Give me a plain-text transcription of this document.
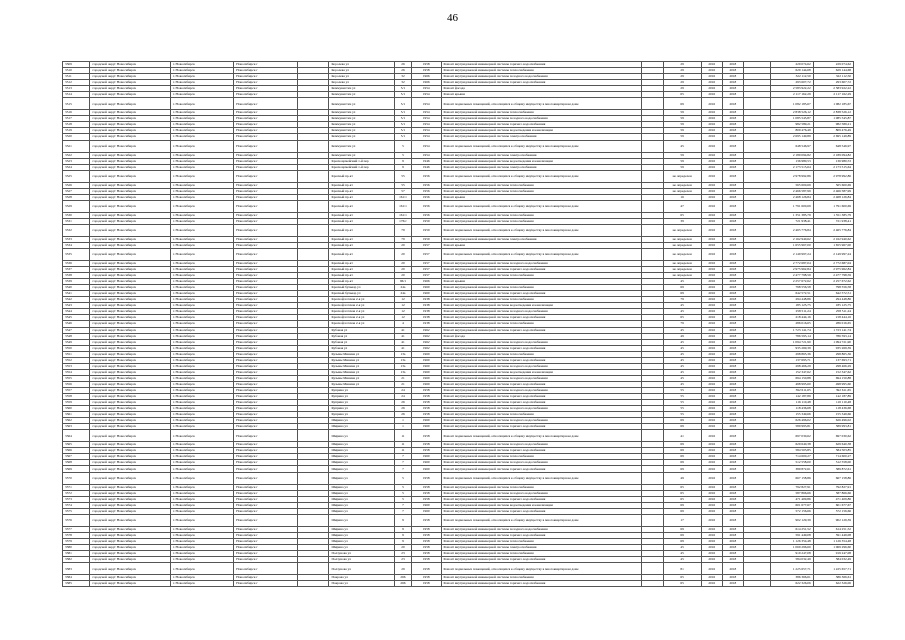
46
3509	городской округ Новосибирск	г. Новосибирск	Новосибирск г		Королева ул	26	1958	Ремонт внутридомовой инженерной системы горячего водоснабжения		29	2016	2018		229 074,62	229 074,62
3510	городской округ Новосибирск	г. Новосибирск	Новосибирск г		Королева ул	26	1958	Ремонт внутридомовой инженерной системы теплоснабжения		29	2016	2018		629 144,68	629 144,68
3511	городской округ Новосибирск	г. Новосибирск	Новосибирск г		Королева ул	32	1966	Ремонт внутридомовой инженерной системы холодного водоснабжения		29	2016	2018		322 112,50	322 112,50
3512	городской округ Новосибирск	г. Новосибирск	Новосибирск г		Королева ул	32	1966	Ремонт внутридомовой инженерной системы горячего водоснабжения		29	2016	2018		293 607,72	293 607,72
3513	городской округ Новосибирск	г. Новосибирск	Новосибирск г		Коммунистич ул	5/1	1954	Ремонт фасада		29	2016	2018		2 583 922,22	2 583 922,22
3514	городской округ Новосибирск	г. Новосибирск	Новосибирск г		Коммунистич ул	5/1	1954	Ремонт крыши		65	2016	2018		2 117 162,29	2 117 162,29
3515	городской округ Новосибирск	г. Новосибирск	Новосибирск г		Коммунистич ул	5/1	1954	Ремонт подвальных помещений, относящихся к общему имуществу в многоквартирном доме		69	2016	2018		1 082 185,67	1 082 185,67
3516	городской округ Новосибирск	г. Новосибирск	Новосибирск г		Коммунистич ул	5/1	1954	Ремонт внутридомовой инженерной системы теплоснабжения		59	2016	2018		2 838 526,12	2 838 526,12
3517	городской округ Новосибирск	г. Новосибирск	Новосибирск г		Коммунистич ул	5/1	1954	Ремонт внутридомовой инженерной системы холодного водоснабжения		59	2016	2018		1 085 545,87	1 085 545,87
3518	городской округ Новосибирск	г. Новосибирск	Новосибирск г		Коммунистич ул	5/1	1954	Ремонт внутридомовой инженерной системы горячего водоснабжения		59	2016	2018		982 589,21	982 589,21
3519	городской округ Новосибирск	г. Новосибирск	Новосибирск г		Коммунистич ул	5/1	1954	Ремонт внутридомовой инженерной системы водоотведения и канализации		59	2016	2018		809 476,49	809 476,49
3520	городской округ Новосибирск	г. Новосибирск	Новосибирск г		Коммунистич ул	5/1	1954	Ремонт внутридомовой инженерной системы электроснабжения		59	2016	2018		2 695 149,89	2 695 149,89
3521	городской округ Новосибирск	г. Новосибирск	Новосибирск г		Коммунистич ул	5	1954	Ремонт подвальных помещений, относящихся к общему имуществу в многоквартирном доме		45	2016	2018		648 546,97	648 546,97
3522	городской округ Новосибирск	г. Новосибирск	Новосибирск г		Коммунистич ул	5	1954	Ремонт внутридомовой инженерной системы электроснабжения		59	2016	2018		2 189 094,82	2 189 094,82
3523	городской округ Новосибирск	г. Новосибирск	Новосибирск г		Красноармейский 1-й пер	9	1946	Ремонт внутридомовой инженерной системы водоотведения и канализации		59	2016	2018		136 980,53	136 980,53
3524	городской округ Новосибирск	г. Новосибирск	Новосибирск г		Красноармейский 1-й пер	9	1946	Ремонт внутридомовой инженерной системы электроснабжения		59	2016	2018		2 173 515,64	2 173 515,64
3525	городской округ Новосибирск	г. Новосибирск	Новосибирск г		Красный пр-кт	55	1956	Ремонт подвальных помещений, относящихся к общему имуществу в многоквартирном доме		не определен	2016	2018		2 978 992,86	2 978 992,86
3526	городской округ Новосибирск	г. Новосибирск	Новосибирск г		Красный пр-кт	55	1956	Ремонт внутридомовой инженерной системы теплоснабжения		не определен	2016	2018		565 600,69	565 600,69
3527	городской округ Новосибирск	г. Новосибирск	Новосибирск г		Красный пр-кт	57	1956	Ремонт внутридомовой инженерной системы теплоснабжения		не определен	2016	2018		2 466 587,99	2 466 587,99
3528	городской округ Новосибирск	г. Новосибирск	Новосибирск г		Красный пр-кт	161/1	1956	Ремонт крыши		16	2016	2018		2 468 126,84	2 468 126,84
3529	городской округ Новосибирск	г. Новосибирск	Новосибирск г		Красный пр-кт	161/1	1956	Ремонт подвальных помещений, относящихся к общему имуществу в многоквартирном доме		47	2016	2018		1 791 600,69	1 791 600,69
3530	городской округ Новосибирск	г. Новосибирск	Новосибирск г		Красный пр-кт	161/1	1956	Ремонт внутридомовой инженерной системы теплоснабжения		65	2016	2018		1 351 385,79	1 351 385,79
3531	городской округ Новосибирск	г. Новосибирск	Новосибирск г		Красный пр-кт	176/с	1959	Ремонт внутридомовой инженерной системы теплоснабжения		39	2016	2018		721 938,41	721 938,41
3532	городской округ Новосибирск	г. Новосибирск	Новосибирск г		Красный пр-кт	79	1959	Ремонт подвальных помещений, относящихся к общему имуществу в многоквартирном доме		не определен	2016	2018		2 465 776,84	2 465 776,84
3533	городской округ Новосибирск	г. Новосибирск	Новосибирск г		Красный пр-кт	79	1959	Ремонт внутридомовой инженерной системы электроснабжения		не определен	2016	2018		2 162 940,62	2 162 940,62
3534	городской округ Новосибирск	г. Новосибирск	Новосибирск г		Красный пр-кт	20	1957	Ремонт крыши		не определен	2016	2018		1 655 967,00	1 655 967,00
3535	городской округ Новосибирск	г. Новосибирск	Новосибирск г		Красный пр-кт	20	1957	Ремонт подвальных помещений, относящихся к общему имуществу в многоквартирном доме		не определен	2016	2018		2 149 997,24	2 149 997,24
3536	городской округ Новосибирск	г. Новосибирск	Новосибирск г		Красный пр-кт	20	1957	Ремонт внутридомовой инженерной системы холодного водоснабжения		не определен	2016	2018		2 772 687,04	2 772 687,04
3537	городской округ Новосибирск	г. Новосибирск	Новосибирск г		Красный пр-кт	20	1957	Ремонт внутридомовой инженерной системы горячего водоснабжения		не определен	2016	2018		2 975 962,84	2 975 962,84
3538	городской округ Новосибирск	г. Новосибирск	Новосибирск г		Красный пр-кт	20	1957	Ремонт внутридомовой инженерной системы теплоснабжения		не определен	2016	2018		2 477 798,59	2 477 798,59
3539	городской округ Новосибирск	г. Новосибирск	Новосибирск г		Красный пр-кт	96/1	1966	Ремонт крыши		45	2016	2018		2 257 672,62	2 257 672,62
3540	городской округ Новосибирск	г. Новосибирск	Новосибирск г		Красный бульвар ул	24а	1960	Ремонт внутридомовой инженерной системы теплоснабжения		69	2016	2018		798 556,58	798 556,58
3541	городской округ Новосибирск	г. Новосибирск	Новосибирск г		Красный бульвар ул	24а	1960	Ремонт внутридомовой инженерной системы горячего водоснабжения		69	2016	2018		642 572,51	642 572,51
3542	городской округ Новосибирск	г. Новосибирск	Новосибирск г		Краснофлотская 2-я ул	12	1938	Ремонт внутридомовой инженерной системы теплоснабжения		79	2016	2018		294 448,86	294 448,86
3543	городской округ Новосибирск	г. Новосибирск	Новосибирск г		Краснофлотская 2-я ул	12	1938	Ремонт внутридомовой инженерной системы водоотведения и канализации		45	2016	2018		185 125,75	185 125,75
3544	городской округ Новосибирск	г. Новосибирск	Новосибирск г		Краснофлотская 2-я ул	12	1938	Ремонт внутридомовой инженерной системы холодного водоснабжения		45	2016	2018		258 511,24	258 511,24
3545	городской округ Новосибирск	г. Новосибирск	Новосибирск г		Краснофлотская 2-я ул	12	1938	Ремонт внутридомовой инженерной системы горячего водоснабжения		65	2016	2018		218 444,16	218 444,16
3546	городской округ Новосибирск	г. Новосибирск	Новосибирск г		Краснофлотская 2-я ул	4	1938	Ремонт внутридомовой инженерной системы теплоснабжения		79	2016	2018		286 016,65	286 016,65
3547	городской округ Новосибирск	г. Новосибирск	Новосибирск г		Кубовая ул	41	1962	Ремонт внутридомовой инженерной системы горячего водоснабжения		45	2016	2018		1 723 141,74	1 723 141,74
3548	городской округ Новосибирск	г. Новосибирск	Новосибирск г		Кубовая ул	41	1962	Ремонт фасада		49	2016	2018		786 593,14	786 593,14
3549	городской округ Новосибирск	г. Новосибирск	Новосибирск г		Кубовая ул	41	1962	Ремонт внутридомовой инженерной системы холодного водоснабжения		45	2016	2018		1 094 721,90	1 094 721,90
3550	городской округ Новосибирск	г. Новосибирск	Новосибирск г		Кубовая ул	41	1962	Ремонт внутридомовой инженерной системы горячего водоснабжения		45	2016	2018		935 269,39	935 269,39
3551	городской округ Новосибирск	г. Новосибирск	Новосибирск г		Кузьмы Минина ул	13а	1960	Ремонт внутридомовой инженерной системы теплоснабжения		45	2016	2018		298 865,36	298 865,36
3552	городской округ Новосибирск	г. Новосибирск	Новосибирск г		Кузьмы Минина ул	13а	1960	Ремонт внутридомовой инженерной системы горячего водоснабжения		45	2016	2018		137 693,71	137 693,71
3553	городской округ Новосибирск	г. Новосибирск	Новосибирск г		Кузьмы Минина ул	13а	1960	Ремонт внутридомовой инженерной системы холодного водоснабжения		45	2016	2018		298 466,29	298 466,29
3554	городской округ Новосибирск	г. Новосибирск	Новосибирск г		Кузьмы Минина ул	13а	1960	Ремонт внутридомовой инженерной системы водоотведения и канализации		45	2016	2018		152 347,62	152 347,62
3555	городской округ Новосибирск	г. Новосибирск	Новосибирск г		Кузьмы Минина ул	21	1960	Ремонт внутридомовой инженерной системы холодного водоснабжения		45	2016	2018		694 150,88	694 150,88
3556	городской округ Новосибирск	г. Новосибирск	Новосибирск г		Кузьмы Минина ул	21	1960	Ремонт внутридомовой инженерной системы горячего водоснабжения		45	2016	2018		498 995,60	498 995,60
3557	городской округ Новосибирск	г. Новосибирск	Новосибирск г		Куприна ул	24	1958	Ремонт внутридомовой инженерной системы холодного водоснабжения		55	2016	2018		392 611,65	392 611,65
3558	городской округ Новосибирск	г. Новосибирск	Новосибирск г		Куприна ул	24	1958	Ремонт внутридомовой инженерной системы горячего водоснабжения		55	2016	2018		142 187,89	142 187,89
3559	городской округ Новосибирск	г. Новосибирск	Новосибирск г		Куприна ул	26	1958	Ремонт внутридомовой инженерной системы горячего водоснабжения		55	2016	2018		116 110,48	116 110,48
3560	городской округ Новосибирск	г. Новосибирск	Новосибирск г		Куприна ул	26	1958	Ремонт внутридомовой инженерной системы холодного водоснабжения		55	2016	2018		118 436,68	118 436,68
3561	городской округ Новосибирск	г. Новосибирск	Новосибирск г		Куприна ул	26	1958	Ремонт внутридомовой инженерной системы теплоснабжения		55	2016	2018		155 349,66	155 349,66
3562	городской округ Новосибирск	г. Новосибирск	Новосибирск г		Ширина ул	1	1960	Ремонт внутридомовой инженерной системы холодного водоснабжения		69	2016	2018		626 496,02	626 496,02
3563	городской округ Новосибирск	г. Новосибирск	Новосибирск г		Ширина ул	1	1960	Ремонт внутридомовой инженерной системы горячего водоснабжения		69	2016	2018		589 993,81	589 993,81
3564	городской округ Новосибирск	г. Новосибирск	Новосибирск г		Ширина ул	11	1958	Ремонт подвальных помещений, относящихся к общему имуществу в многоквартирном доме		41	2016	2018		697 030,62	697 030,62
3565	городской округ Новосибирск	г. Новосибирск	Новосибирск г		Ширина ул	11	1958	Ремонт внутридомовой инженерной системы холодного водоснабжения		69	2016	2018		629 640,38	629 640,38
3566	городской округ Новосибирск	г. Новосибирск	Новосибирск г		Ширина ул	11	1958	Ремонт внутридомовой инженерной системы горячего водоснабжения		69	2016	2018		584 503,85	584 503,85
3567	городской округ Новосибирск	г. Новосибирск	Новосибирск г		Ширина ул	7	1960	Ремонт внутридомовой инженерной системы теплоснабжения		69	2016	2018		714 600,27	714 600,27
3568	городской округ Новосибирск	г. Новосибирск	Новосибирск г		Ширина ул	7	1960	Ремонт внутридомовой инженерной системы холодного водоснабжения		69	2016	2018		512 558,00	512 558,00
3569	городской округ Новосибирск	г. Новосибирск	Новосибирск г		Ширина ул	7	1960	Ремонт внутридомовой инженерной системы горячего водоснабжения		69	2016	2018		389 872,61	389 872,61
3570	городской округ Новосибирск	г. Новосибирск	Новосибирск г		Ширина ул	5	1958	Ремонт подвальных помещений, относящихся к общему имуществу в многоквартирном доме		49	2016	2018		667 158,86	667 158,86
3571	городской округ Новосибирск	г. Новосибирск	Новосибирск г		Ширина ул	5	1958	Ремонт внутридомовой инженерной системы теплоснабжения		65	2016	2018		792 827,91	792 827,91
3572	городской округ Новосибирск	г. Новосибирск	Новосибирск г		Ширина ул	5	1958	Ремонт внутридомовой инженерной системы холодного водоснабжения		65	2016	2018		587 866,66	587 866,66
3573	городской округ Новосибирск	г. Новосибирск	Новосибирск г		Ширина ул	5	1958	Ремонт внутридомовой инженерной системы горячего водоснабжения		65	2016	2018		471 409,86	471 409,86
3574	городской округ Новосибирск	г. Новосибирск	Новосибирск г		Ширина ул	7	1960	Ремонт внутридомовой инженерной системы водоотведения и канализации		69	2016	2018		601 677,67	601 677,67
3575	городской округ Новосибирск	г. Новосибирск	Новосибирск г		Ширина ул	7	1960	Ремонт внутридомовой инженерной системы горячего водоснабжения		69	2016	2018		572 156,66	572 156,66
3576	городской округ Новосибирск	г. Новосибирск	Новосибирск г		Ширина ул	9	1958	Ремонт подвальных помещений, относящихся к общему имуществу в многоквартирном доме		17	2016	2018		902 129,39	902 129,39
3577	городской округ Новосибирск	г. Новосибирск	Новосибирск г		Ширина ул	9	1958	Ремонт внутридомовой инженерной системы холодного водоснабжения		69	2016	2018		614 251,52	614 251,52
3578	городской округ Новосибирск	г. Новосибирск	Новосибирск г		Ширина ул	9	1958	Ремонт внутридомовой инженерной системы горячего водоснабжения		69	2016	2018		591 449,08	591 449,08
3579	городской округ Новосибирск	г. Новосибирск	Новосибирск г		Ширина ул	9	1958	Ремонт внутридомовой инженерной системы теплоснабжения		69	2016	2018		1 126 354,48	1 126 354,48
3580	городской округ Новосибирск	г. Новосибирск	Новосибирск г		Ширина ул	20	1958	Ремонт внутридомовой инженерной системы электроснабжения		45	2016	2018		1 069 296,60	1 069 296,60
3581	городской округ Новосибирск	г. Новосибирск	Новосибирск г		Ползунова ул	23	1958	Ремонт внутридомовой инженерной системы теплоснабжения		45	2016	2018		919 247,08	919 247,08
3582	городской округ Новосибирск	г. Новосибирск	Новосибирск г		Ползунова ул	23	1958	Ремонт внутридомовой инженерной системы горячего водоснабжения		45	2016	2018		584 032,49	584 032,49
3583	городской округ Новосибирск	г. Новосибирск	Новосибирск г		Ползунова ул	29	1958	Ремонт подвальных помещений, относящихся к общему имуществу в многоквартирном доме		81	2016	2018		1 225 657,71	1 225 657,71
3584	городской округ Новосибирск	г. Новосибирск	Новосибирск г		Покрова ул	266	1958	Ремонт внутридомовой инженерной системы теплоснабжения		65	2016	2018		386 366,61	386 366,61
3585	городской округ Новосибирск	г. Новосибирск	Новосибирск г		Покрова ул	266	1958	Ремонт внутридомовой инженерной системы горячего водоснабжения		65	2016	2018		622 326,06	622 326,06
